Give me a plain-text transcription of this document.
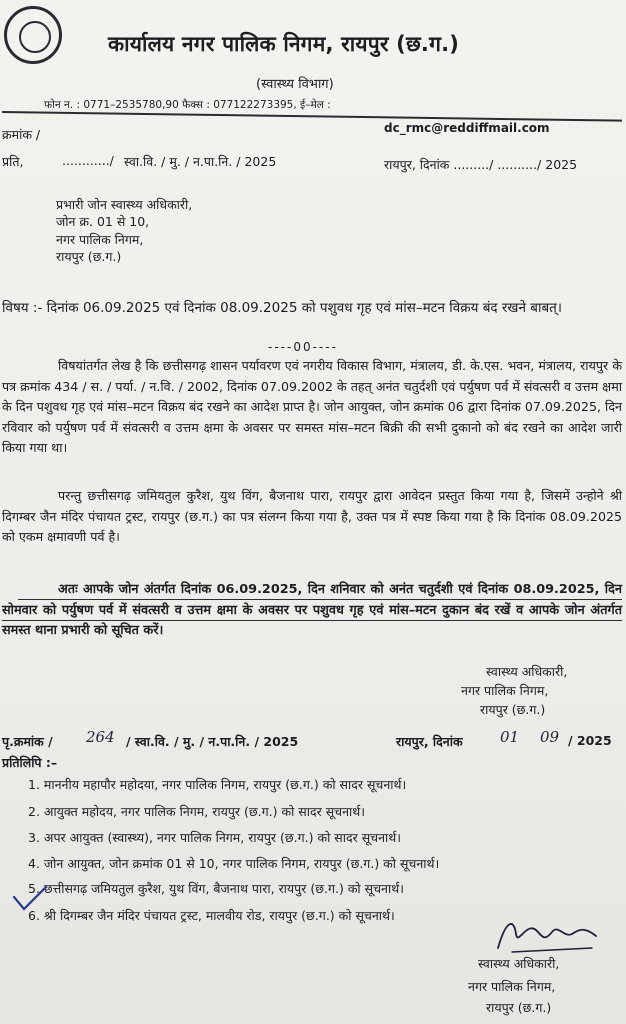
कार्यालय नगर पालिक निगम, रायपुर (छ.ग.)
(स्वास्थ्य विभाग)
फोन न. : 0771–2535780,90 फैक्स : 077122273395, ई–मेल :
dc_rmc@reddiffmail.com
क्रमांक /
प्रति,	............/ स्वा.वि. / मु. / न.पा.नि. / 2025	रायपुर, दिनांक ........./ ........../ 2025
प्रभारी जोन स्वास्थ्य अधिकारी,
जोन क्र. 01 से 10,
नगर पालिक निगम,
रायपुर (छ.ग.)
विषय :- दिनांक 06.09.2025 एवं दिनांक 08.09.2025 को पशुवध गृह एवं मांस–मटन विक्रय बंद रखने बाबत्।
----00----
विषयांतर्गत लेख है कि छत्तीसगढ़ शासन पर्यावरण एवं नगरीय विकास विभाग, मंत्रालय, डी. के.एस. भवन, मंत्रालय, रायपुर के पत्र क्रमांक 434 / स. / पर्या. / न.वि. / 2002, दिनांक 07.09.2002 के तहत् अनंत चतुर्दशी एवं पर्युषण पर्व में संवत्सरी व उत्तम क्षमा के दिन पशुवध गृह एवं मांस–मटन विक्रय बंद रखने का आदेश प्राप्त है। जोन आयुक्त, जोन क्रमांक 06 द्वारा दिनांक 07.09.2025, दिन रविवार को पर्युषण पर्व में संवत्सरी व उत्तम क्षमा के अवसर पर समस्त मांस–मटन बिक्री की सभी दुकानो को बंद रखने का आदेश जारी किया गया था।
परन्तु छत्तीसगढ़ जमियतुल कुरैश, युथ विंग, बैजनाथ पारा, रायपुर द्वारा आवेदन प्रस्तुत किया गया है, जिसमें उन्होने श्री दिगम्बर जैन मंदिर पंचायत ट्रस्ट, रायपुर (छ.ग.) का पत्र संलग्न किया गया है, उक्त पत्र में स्पष्ट किया गया है कि दिनांक 08.09.2025 को एकम क्षमावणी पर्व है।
अतः आपके जोन अंतर्गत दिनांक 06.09.2025, दिन शनिवार को अनंत चतुर्दशी एवं दिनांक 08.09.2025, दिन सोमवार को पर्युषण पर्व में संवत्सरी व उत्तम क्षमा के अवसर पर पशुवध गृह एवं मांस–मटन दुकान बंद रखें व आपके जोन अंतर्गत समस्त थाना प्रभारी को सूचित करें।
स्वास्थ्य अधिकारी,
नगर पालिक निगम,
रायपुर (छ.ग.)
पृ.क्रमांक / 264 / स्वा.वि. / मु. / न.पा.नि. / 2025	रायपुर, दिनांक 01 09 / 2025
प्रतिलिपि :–
1. माननीय महापौर महोदया, नगर पालिक निगम, रायपुर (छ.ग.) को सादर सूचनार्थ।
2. आयुक्त महोदय, नगर पालिक निगम, रायपुर (छ.ग.) को सादर सूचनार्थ।
3. अपर आयुक्त (स्वास्थ्य), नगर पालिक निगम, रायपुर (छ.ग.) को सादर सूचनार्थ।
4. जोन आयुक्त, जोन क्रमांक 01 से 10, नगर पालिक निगम, रायपुर (छ.ग.) को सूचनार्थ।
5. छत्तीसगढ़ जमियतुल कुरैश, युथ विंग, बैजनाथ पारा, रायपुर (छ.ग.) को सूचनार्थ।
6. श्री दिगम्बर जैन मंदिर पंचायत ट्रस्ट, मालवीय रोड, रायपुर (छ.ग.) को सूचनार्थ।
स्वास्थ्य अधिकारी,
नगर पालिक निगम,
रायपुर (छ.ग.)
